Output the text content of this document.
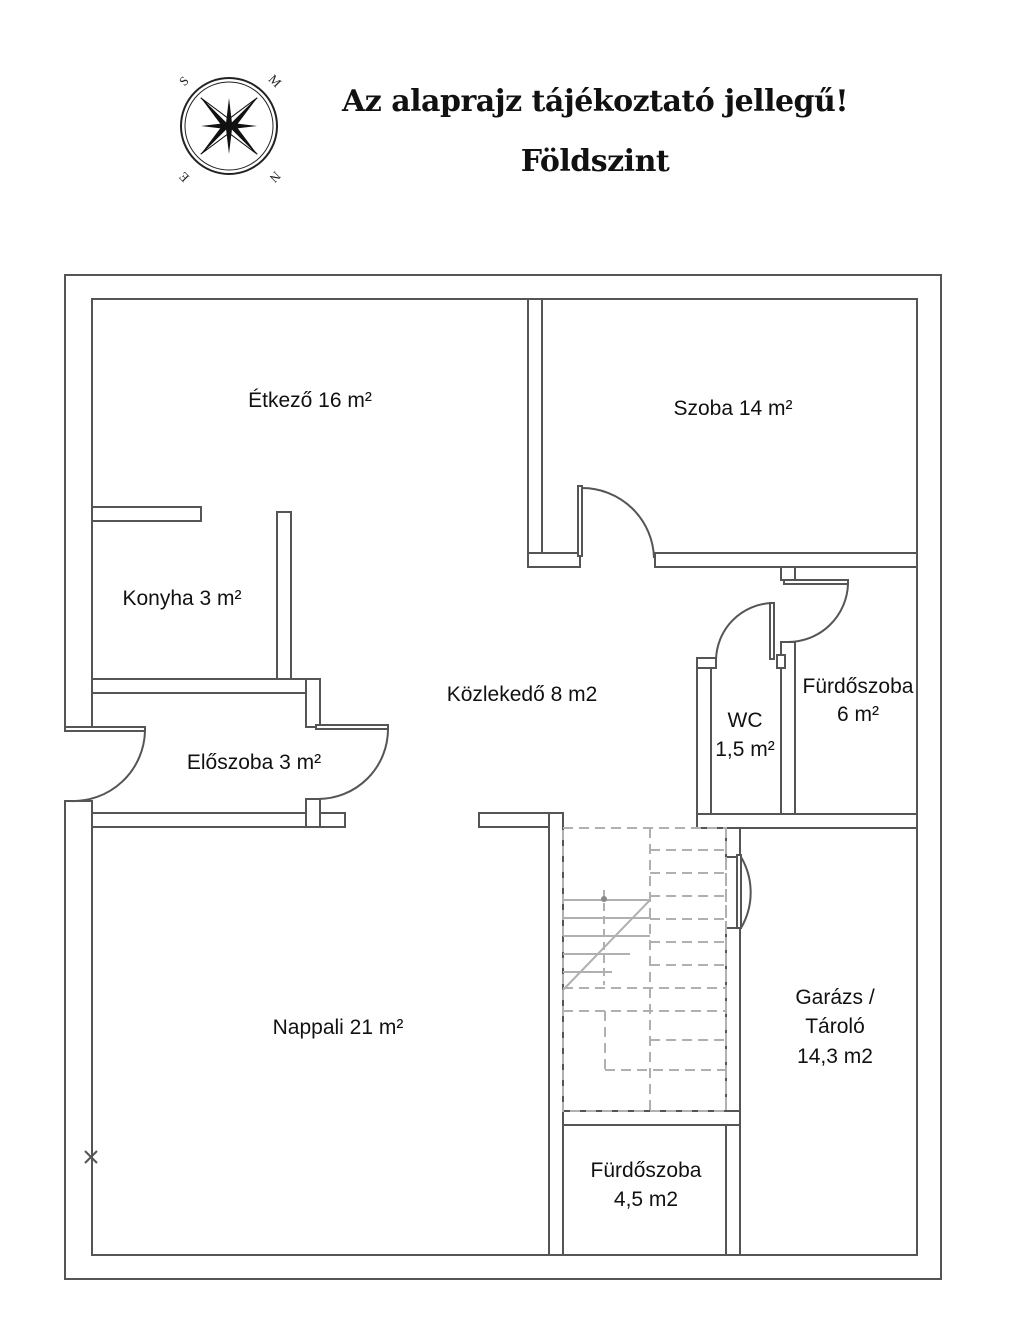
Az alaprajz tájékoztató jellegű!
Földszint
S	M
E	N
Étkező 16 m²	Szoba 14 m²
Konyha 3 m²
Közlekedő 8 m2	Fürdőszoba
6 m²
WC
1,5 m²
Előszoba 3 m²
Nappali 21 m²
Garázs /
Tároló
14,3 m2
Fürdőszoba
4,5 m2
